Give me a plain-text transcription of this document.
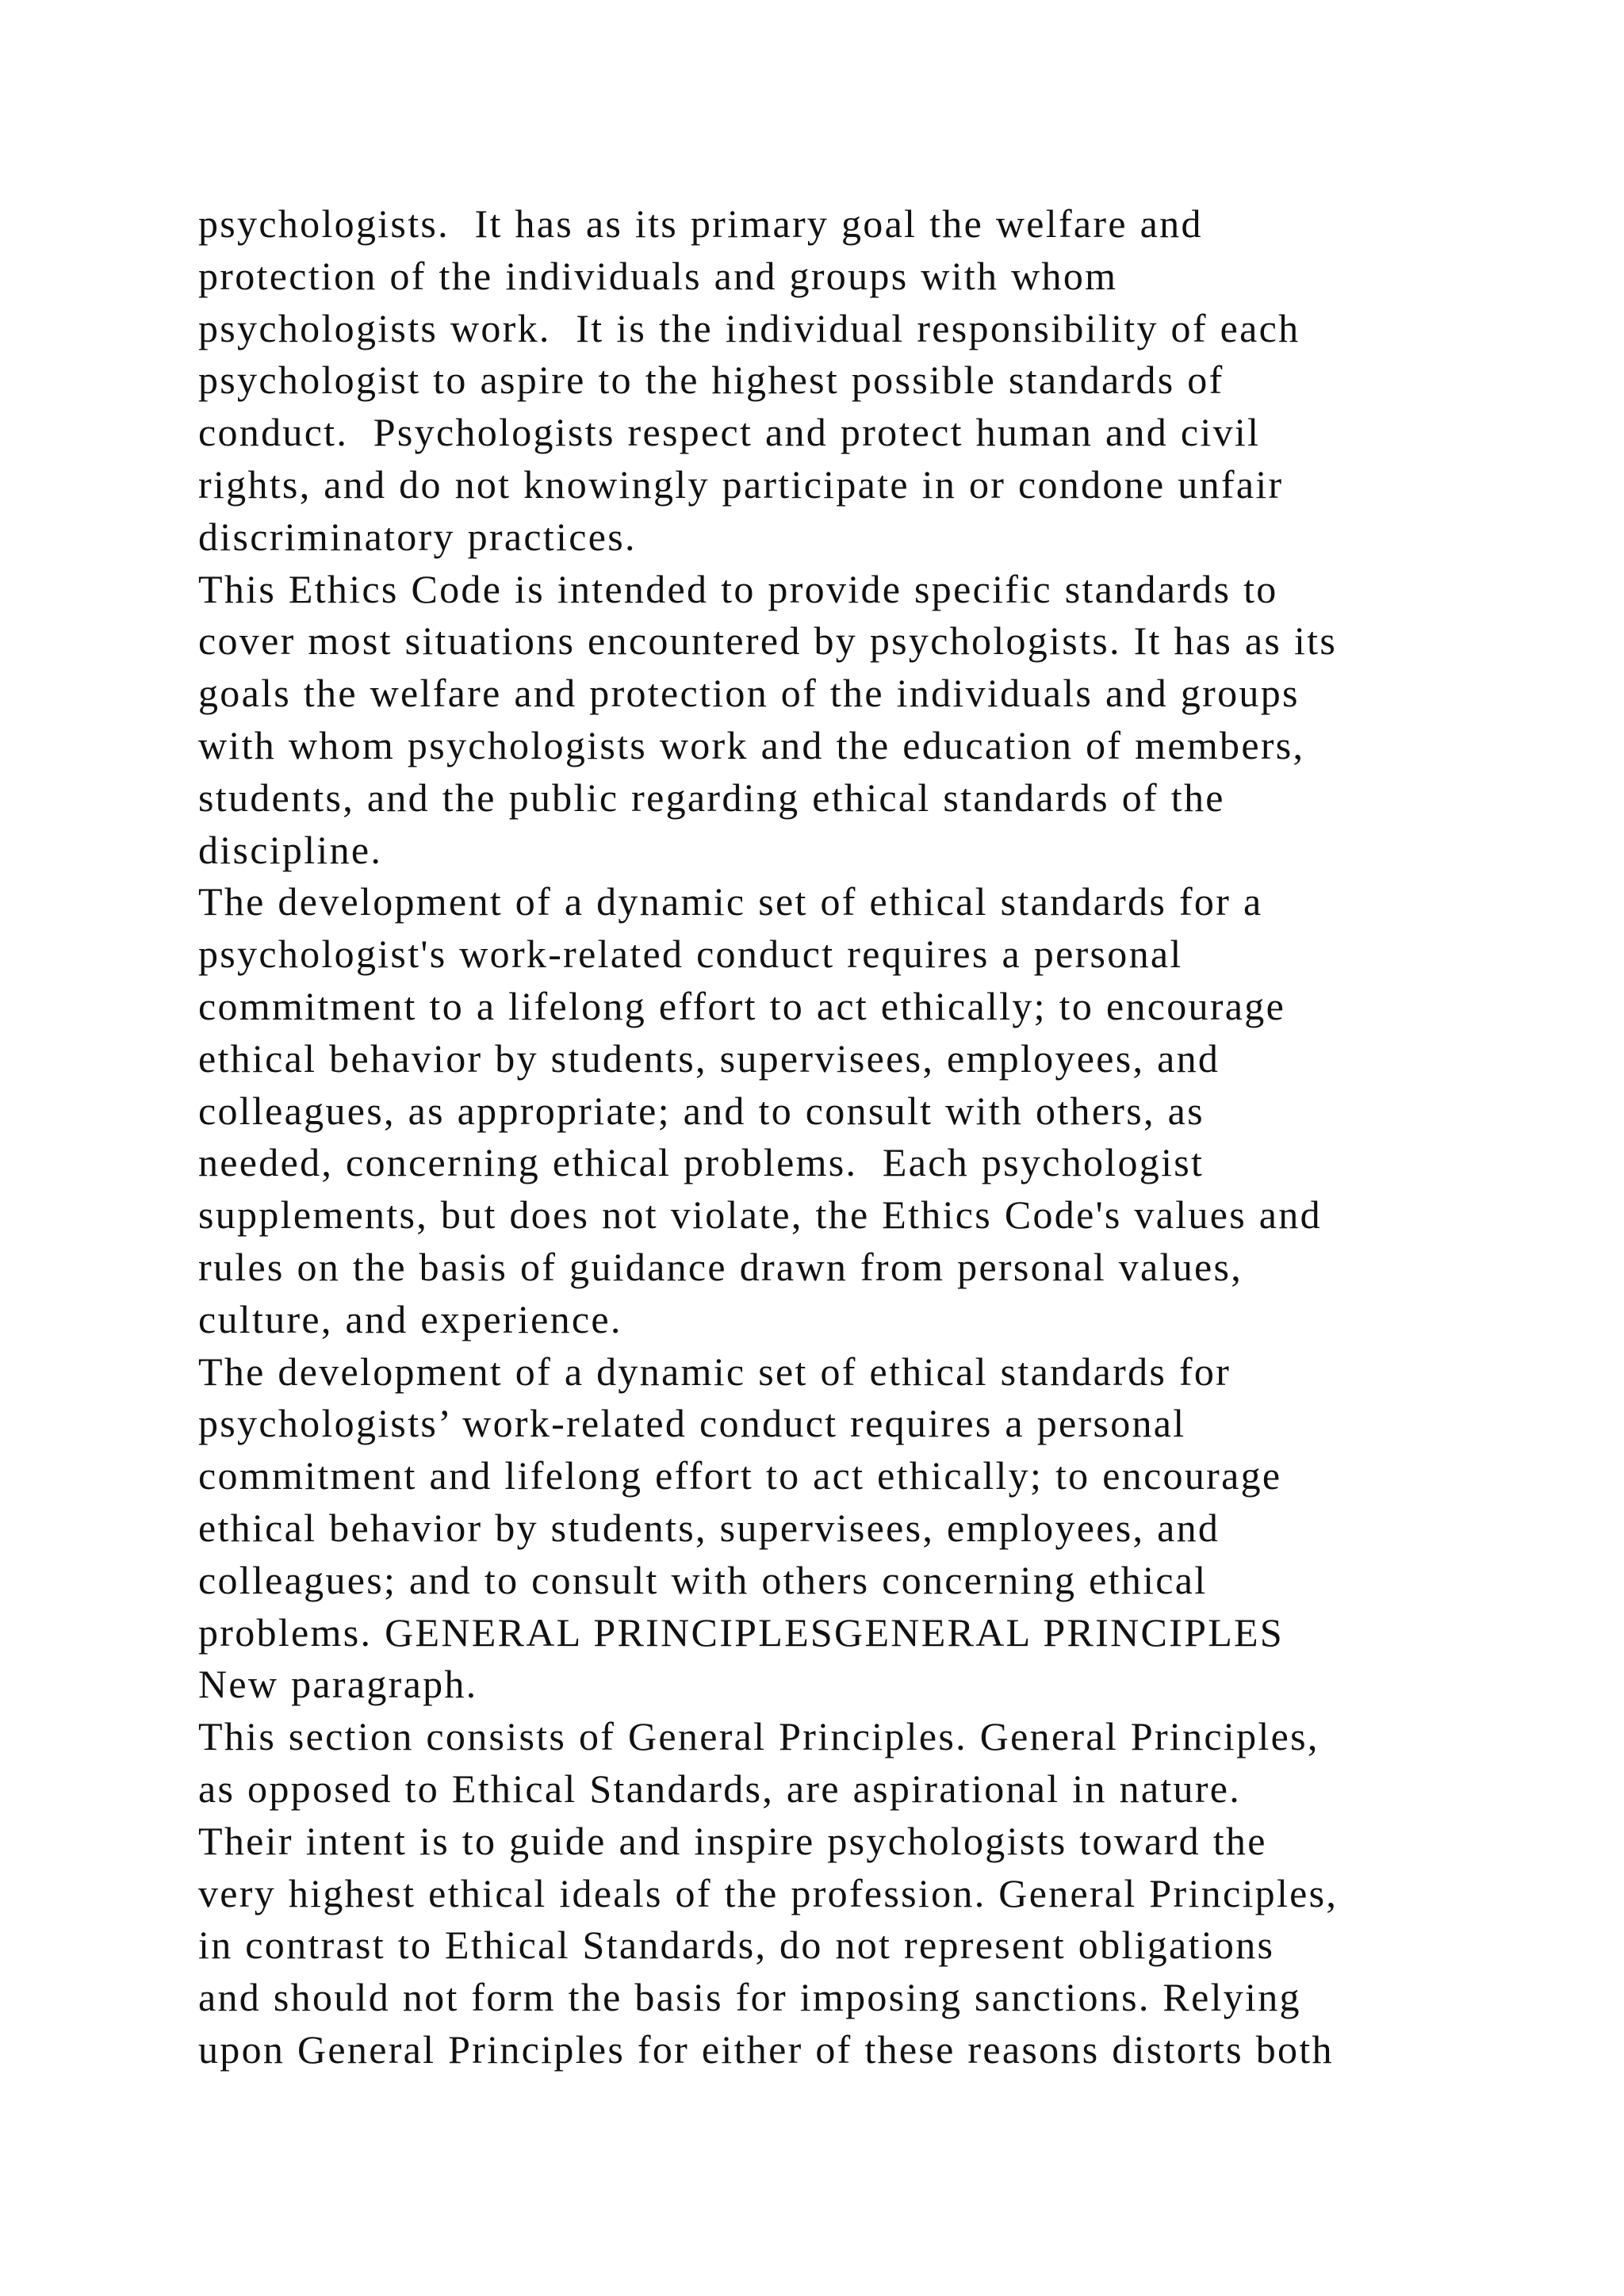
psychologists.  It has as its primary goal the welfare and
protection of the individuals and groups with whom
psychologists work.  It is the individual responsibility of each
psychologist to aspire to the highest possible standards of
conduct.  Psychologists respect and protect human and civil
rights, and do not knowingly participate in or condone unfair
discriminatory practices.
This Ethics Code is intended to provide specific standards to
cover most situations encountered by psychologists. It has as its
goals the welfare and protection of the individuals and groups
with whom psychologists work and the education of members,
students, and the public regarding ethical standards of the
discipline.
The development of a dynamic set of ethical standards for a
psychologist's work-related conduct requires a personal
commitment to a lifelong effort to act ethically; to encourage
ethical behavior by students, supervisees, employees, and
colleagues, as appropriate; and to consult with others, as
needed, concerning ethical problems.  Each psychologist
supplements, but does not violate, the Ethics Code's values and
rules on the basis of guidance drawn from personal values,
culture, and experience.
The development of a dynamic set of ethical standards for
psychologists’ work-related conduct requires a personal
commitment and lifelong effort to act ethically; to encourage
ethical behavior by students, supervisees, employees, and
colleagues; and to consult with others concerning ethical
problems. GENERAL PRINCIPLESGENERAL PRINCIPLES
New paragraph.
This section consists of General Principles. General Principles,
as opposed to Ethical Standards, are aspirational in nature.
Their intent is to guide and inspire psychologists toward the
very highest ethical ideals of the profession. General Principles,
in contrast to Ethical Standards, do not represent obligations
and should not form the basis for imposing sanctions. Relying
upon General Principles for either of these reasons distorts both
